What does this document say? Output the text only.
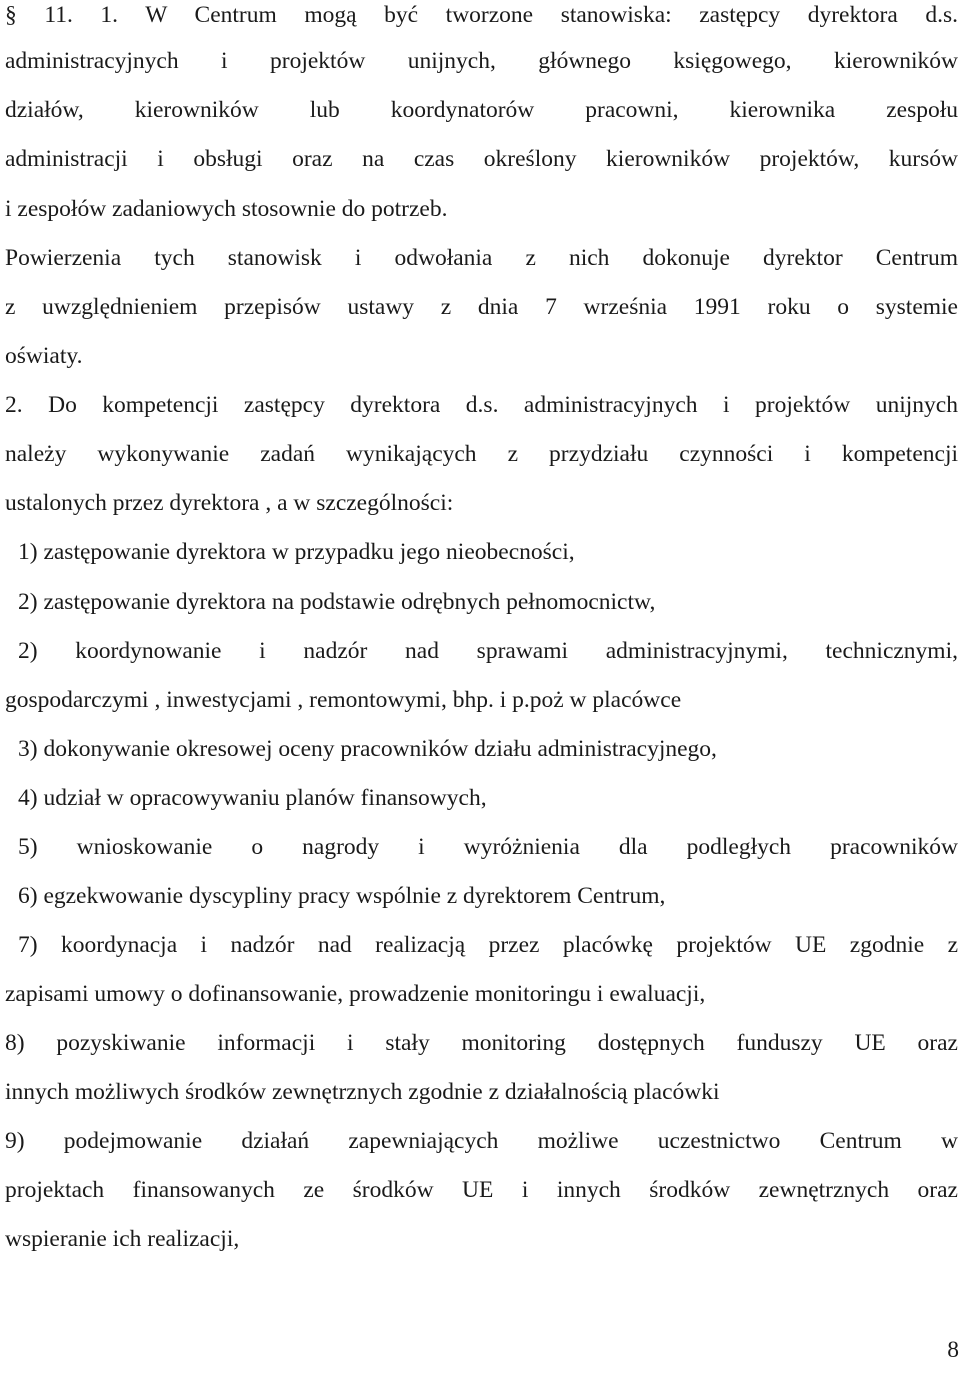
§ 11. 1. W Centrum mogą być tworzone stanowiska: zastępcy dyrektora d.s.
administracyjnych i projektów unijnych, głównego księgowego, kierowników
działów, kierowników lub koordynatorów pracowni, kierownika zespołu
administracji i obsługi oraz na czas określony kierowników projektów, kursów
i zespołów zadaniowych stosownie do potrzeb.
Powierzenia tych stanowisk i odwołania z nich dokonuje dyrektor Centrum
z uwzględnieniem przepisów ustawy z dnia 7 września 1991 roku o systemie
oświaty.
2. Do kompetencji zastępcy dyrektora d.s. administracyjnych i projektów unijnych
należy wykonywanie zadań wynikających z przydziału czynności i kompetencji
ustalonych przez dyrektora , a w szczególności:
1) zastępowanie dyrektora w przypadku jego nieobecności,
2) zastępowanie dyrektora na podstawie odrębnych pełnomocnictw,
2) koordynowanie i nadzór nad sprawami administracyjnymi, technicznymi,
gospodarczymi , inwestycjami , remontowymi, bhp. i p.poż w placówce
3) dokonywanie okresowej oceny pracowników działu administracyjnego,
4) udział w opracowywaniu planów finansowych,
5) wnioskowanie o nagrody i wyróżnienia dla podległych pracowników
6) egzekwowanie dyscypliny pracy wspólnie z dyrektorem Centrum,
7) koordynacja i nadzór nad realizacją przez placówkę projektów UE zgodnie z
zapisami umowy o dofinansowanie, prowadzenie monitoringu i ewaluacji,
8) pozyskiwanie informacji i stały monitoring dostępnych funduszy UE oraz
innych możliwych środków zewnętrznych zgodnie z działalnością placówki
9) podejmowanie działań zapewniających możliwe uczestnictwo Centrum w
projektach finansowanych ze środków UE i innych środków zewnętrznych oraz
wspieranie ich realizacji,
8
